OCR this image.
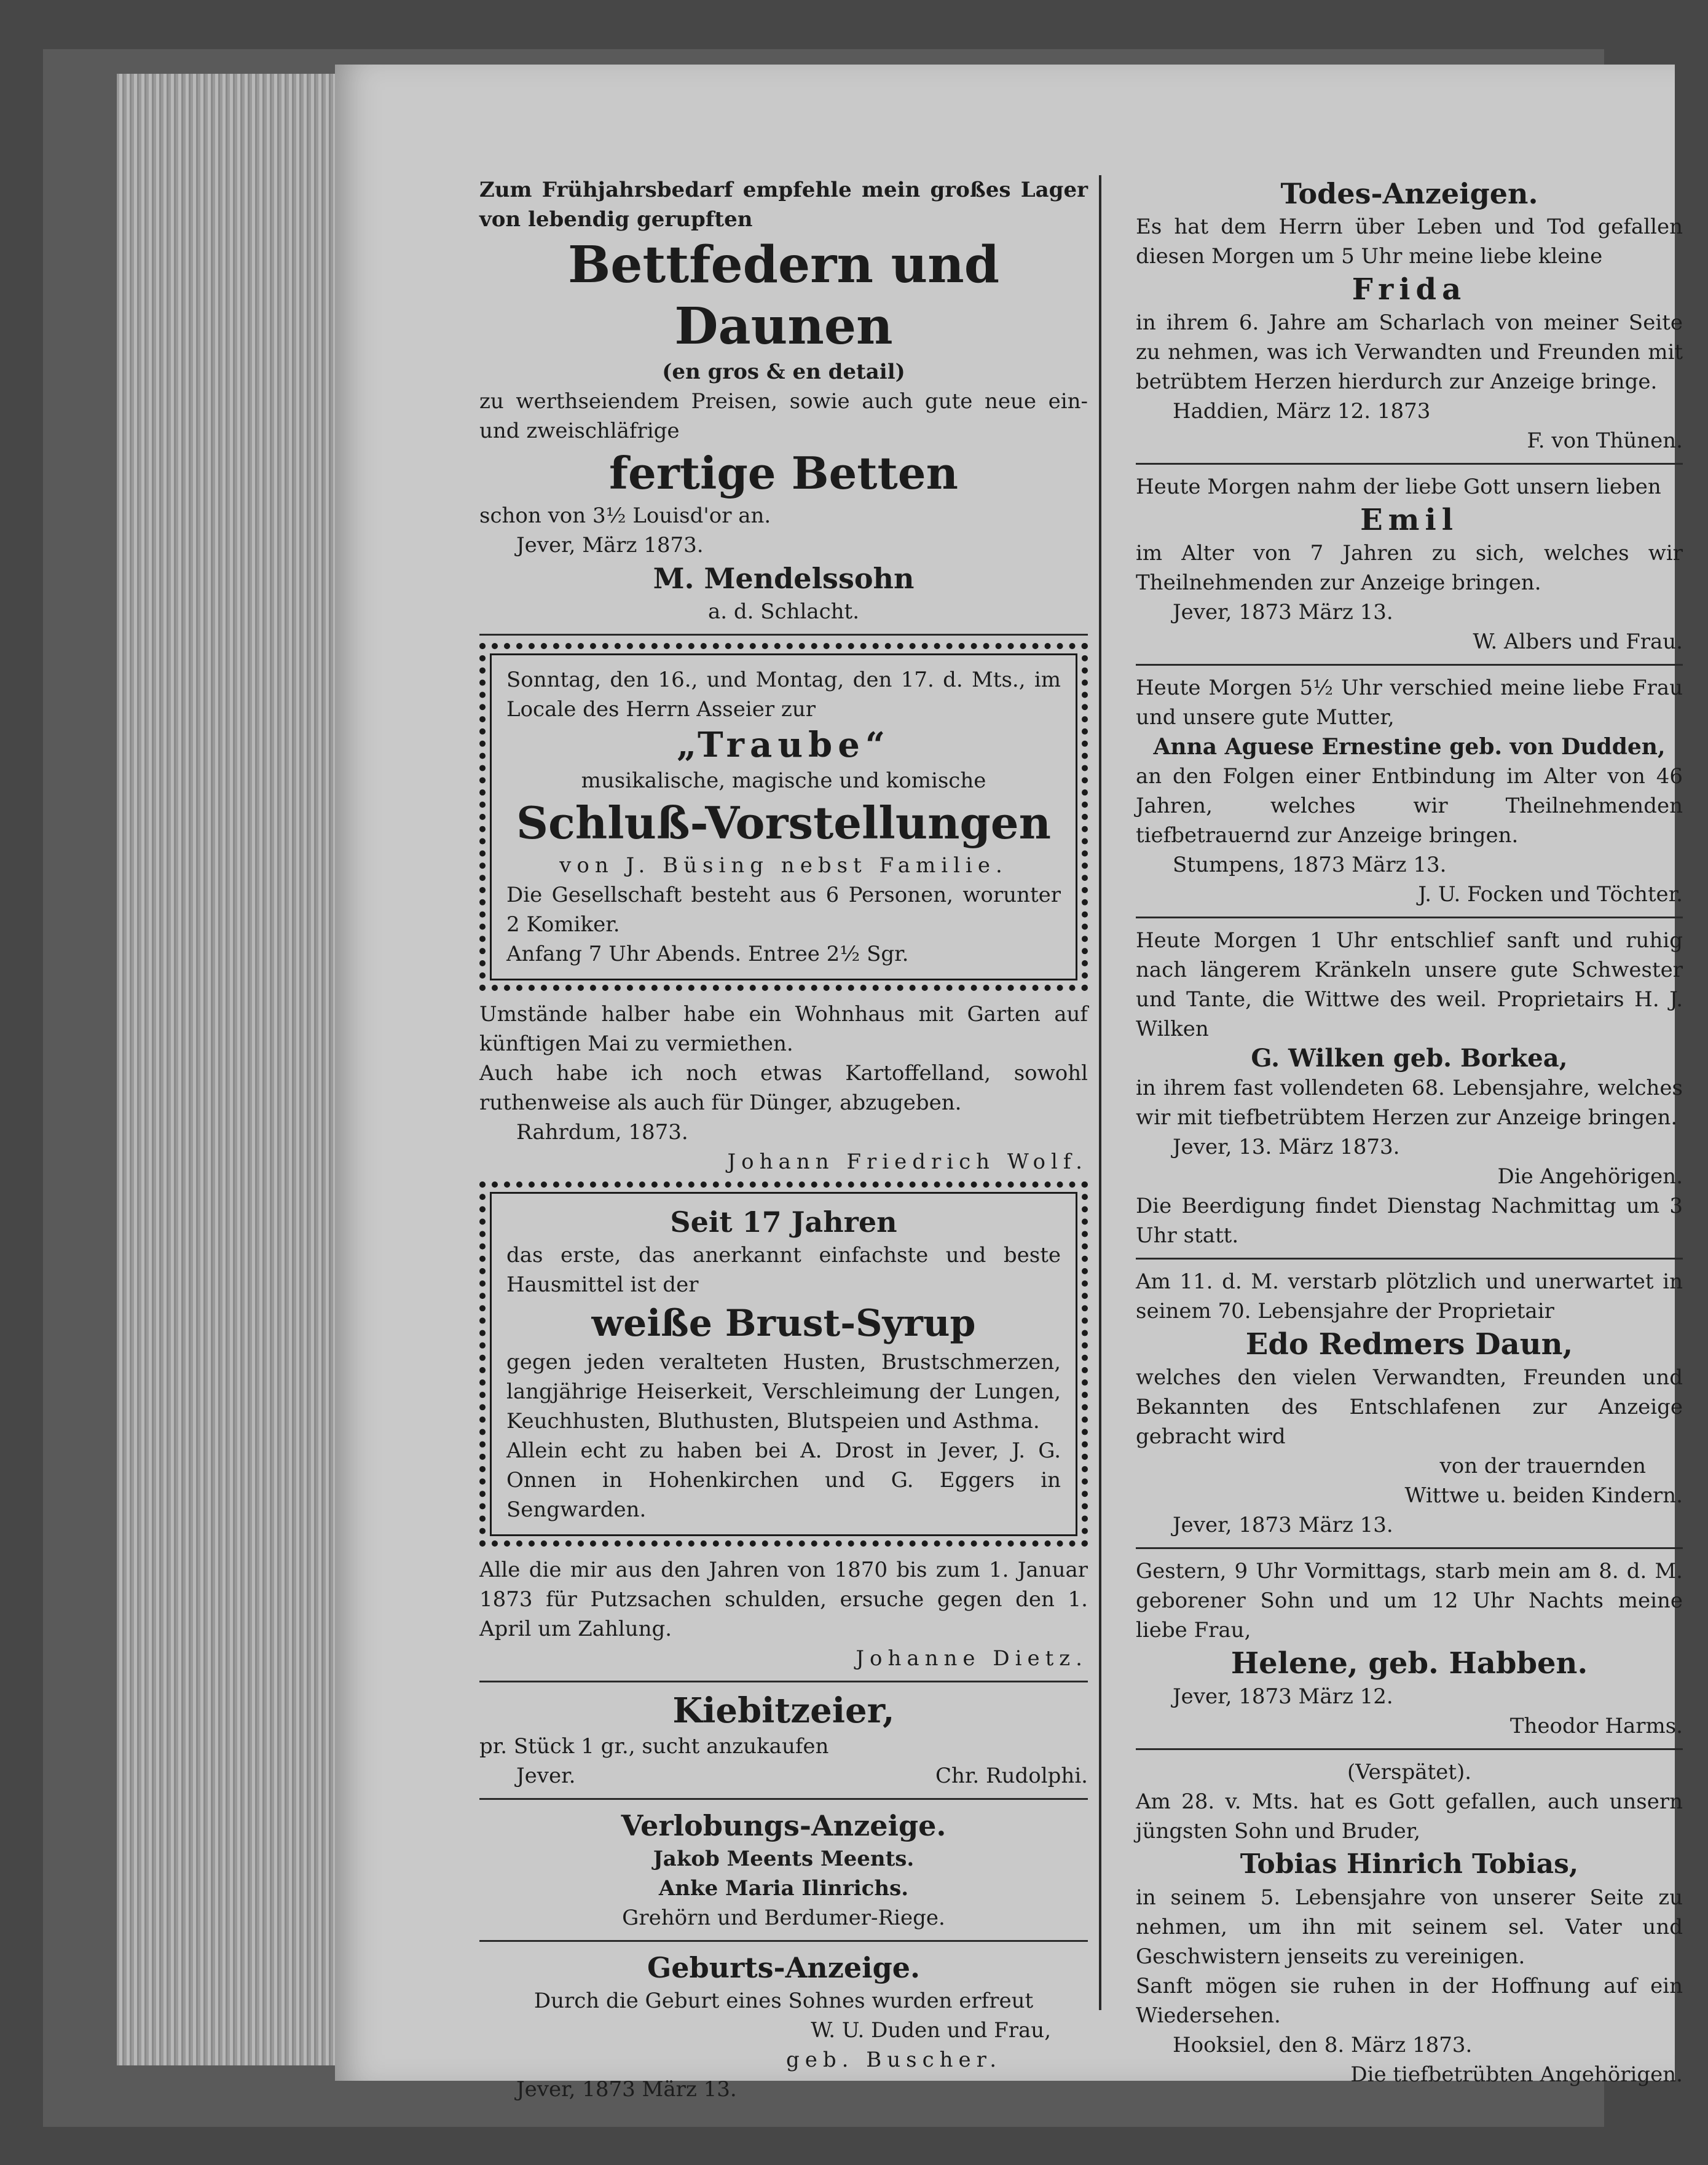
Zum Frühjahrsbedarf empfehle mein großes Lager von lebendig gerupften

Bettfedern und Daunen

(en gros & en detail)

zu werthseiendem Preisen, sowie auch gute neue ein- und zweischläfrige

fertige Betten

schon von 3½ Louisd'or an.

Jever, März 1873.

M. Mendelssohn

a. d. Schlacht.

Sonntag, den 16., und Montag, den 17. d. Mts., im Locale des Herrn Asseier zur

„Traube“

musikalische, magische und komische

Schluß-Vorstellungen

von J. Büsing nebst Familie.

Die Gesellschaft besteht aus 6 Personen, worunter 2 Komiker.

Anfang 7 Uhr Abends. Entree 2½ Sgr.

Umstände halber habe ein Wohnhaus mit Garten auf künftigen Mai zu vermiethen.

Auch habe ich noch etwas Kartoffelland, sowohl ruthenweise als auch für Dünger, abzugeben.

Rahrdum, 1873.

Johann Friedrich Wolf.

Seit 17 Jahren

das erste, das anerkannt einfachste und beste Hausmittel ist der

weiße Brust-Syrup

gegen jeden veralteten Husten, Brustschmerzen, langjährige Heiserkeit, Verschleimung der Lungen, Keuchhusten, Bluthusten, Blutspeien und Asthma.

Allein echt zu haben bei A. Drost in Jever, J. G. Onnen in Hohenkirchen und G. Eggers in Sengwarden.

Alle die mir aus den Jahren von 1870 bis zum 1. Januar 1873 für Putzsachen schulden, ersuche gegen den 1. April um Zahlung.

Johanne Dietz.

Kiebitzeier,

pr. Stück 1 gr., sucht anzukaufen

Jever.	Chr. Rudolphi.

Verlobungs-Anzeige.

Jakob Meents Meents.

Anke Maria Ilinrichs.

Grehörn und Berdumer-Riege.

Geburts-Anzeige.

Durch die Geburt eines Sohnes wurden erfreut

W. U. Duden und Frau,

geb. Buscher.

Jever, 1873 März 13.

Todes-Anzeigen.

Es hat dem Herrn über Leben und Tod gefallen diesen Morgen um 5 Uhr meine liebe kleine

Frida

in ihrem 6. Jahre am Scharlach von meiner Seite zu nehmen, was ich Verwandten und Freunden mit betrübtem Herzen hierdurch zur Anzeige bringe.

Haddien, März 12. 1873

F. von Thünen.

Heute Morgen nahm der liebe Gott unsern lieben

Emil

im Alter von 7 Jahren zu sich, welches wir Theilnehmenden zur Anzeige bringen.

Jever, 1873 März 13.

W. Albers und Frau.

Heute Morgen 5½ Uhr verschied meine liebe Frau und unsere gute Mutter,

Anna Aguese Ernestine geb. von Dudden,

an den Folgen einer Entbindung im Alter von 46 Jahren, welches wir Theilnehmenden tiefbetrauernd zur Anzeige bringen.

Stumpens, 1873 März 13.

J. U. Focken und Töchter.

Heute Morgen 1 Uhr entschlief sanft und ruhig nach längerem Kränkeln unsere gute Schwester und Tante, die Wittwe des weil. Proprietairs H. J. Wilken

G. Wilken geb. Borkea,

in ihrem fast vollendeten 68. Lebensjahre, welches wir mit tiefbetrübtem Herzen zur Anzeige bringen.

Jever, 13. März 1873.

Die Angehörigen.

Die Beerdigung findet Dienstag Nachmittag um 3 Uhr statt.

Am 11. d. M. verstarb plötzlich und unerwartet in seinem 70. Lebensjahre der Proprietair

Edo Redmers Daun,

welches den vielen Verwandten, Freunden und Bekannten des Entschlafenen zur Anzeige gebracht wird

von der trauernden

Wittwe u. beiden Kindern.

Jever, 1873 März 13.

Gestern, 9 Uhr Vormittags, starb mein am 8. d. M. geborener Sohn und um 12 Uhr Nachts meine liebe Frau,

Helene, geb. Habben.

Jever, 1873 März 12.

Theodor Harms.

(Verspätet).

Am 28. v. Mts. hat es Gott gefallen, auch unsern jüngsten Sohn und Bruder,

Tobias Hinrich Tobias,

in seinem 5. Lebensjahre von unserer Seite zu nehmen, um ihn mit seinem sel. Vater und Geschwistern jenseits zu vereinigen.

Sanft mögen sie ruhen in der Hoffnung auf ein Wiedersehen.

Hooksiel, den 8. März 1873.

Die tiefbetrübten Angehörigen.
